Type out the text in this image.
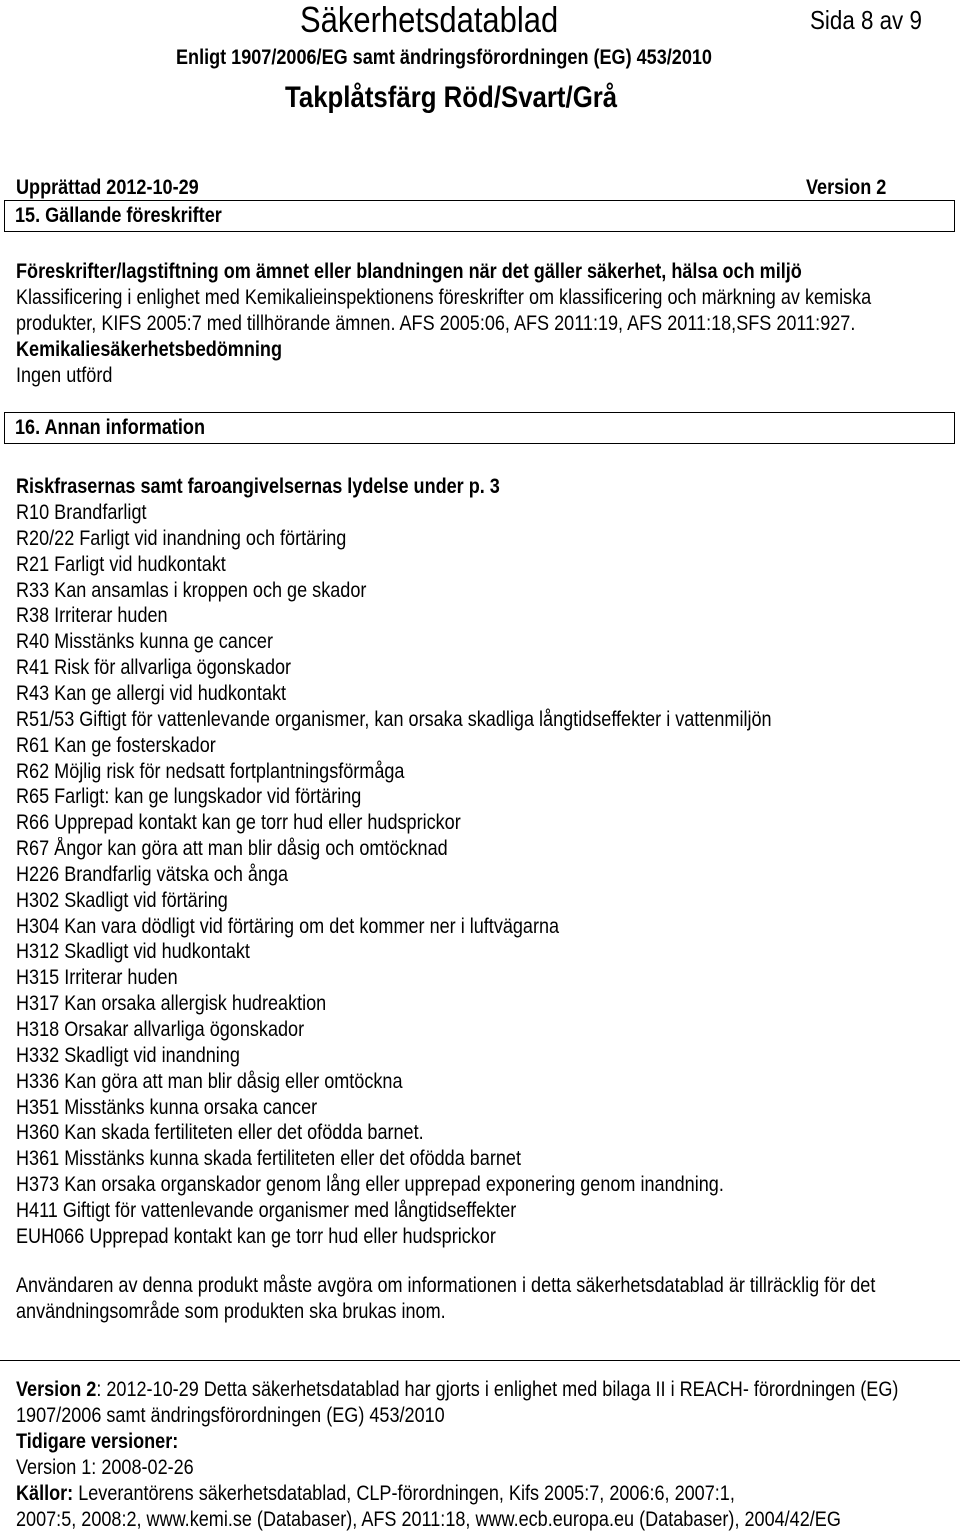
Säkerhetsdatablad	Sida 8 av 9
Enligt 1907/2006/EG samt ändringsförordningen (EG) 453/2010
Takplåtsfärg Röd/Svart/Grå
Upprättad 2012-10-29	Version 2
15. Gällande föreskrifter
Föreskrifter/lagstiftning om ämnet eller blandningen när det gäller säkerhet, hälsa och miljö
Klassificering i enlighet med Kemikalieinspektionens föreskrifter om klassificering och märkning av kemiska
produkter, KIFS 2005:7 med tillhörande ämnen. AFS 2005:06, AFS 2011:19, AFS 2011:18,SFS 2011:927.
Kemikaliesäkerhetsbedömning
Ingen utförd
16. Annan information
Riskfrasernas samt faroangivelsernas lydelse under p. 3
R10 Brandfarligt
R20/22 Farligt vid inandning och förtäring
R21 Farligt vid hudkontakt
R33 Kan ansamlas i kroppen och ge skador
R38 Irriterar huden
R40 Misstänks kunna ge cancer
R41 Risk för allvarliga ögonskador
R43 Kan ge allergi vid hudkontakt
R51/53 Giftigt för vattenlevande organismer, kan orsaka skadliga långtidseffekter i vattenmiljön
R61 Kan ge fosterskador
R62 Möjlig risk för nedsatt fortplantningsförmåga
R65 Farligt: kan ge lungskador vid förtäring
R66 Upprepad kontakt kan ge torr hud eller hudsprickor
R67 Ångor kan göra att man blir dåsig och omtöcknad
H226 Brandfarlig vätska och ånga
H302 Skadligt vid förtäring
H304 Kan vara dödligt vid förtäring om det kommer ner i luftvägarna
H312 Skadligt vid hudkontakt
H315 Irriterar huden
H317 Kan orsaka allergisk hudreaktion
H318 Orsakar allvarliga ögonskador
H332 Skadligt vid inandning
H336 Kan göra att man blir dåsig eller omtöckna
H351 Misstänks kunna orsaka cancer
H360 Kan skada fertiliteten eller det ofödda barnet.
H361 Misstänks kunna skada fertiliteten eller det ofödda barnet
H373 Kan orsaka organskador genom lång eller upprepad exponering genom inandning.
H411 Giftigt för vattenlevande organismer med långtidseffekter
EUH066 Upprepad kontakt kan ge torr hud eller hudsprickor
Användaren av denna produkt måste avgöra om informationen i detta säkerhetsdatablad är tillräcklig för det
användningsområde som produkten ska brukas inom.
Version 2: 2012-10-29 Detta säkerhetsdatablad har gjorts i enlighet med bilaga II i REACH- förordningen (EG)
1907/2006 samt ändringsförordningen (EG) 453/2010
Tidigare versioner:
Version 1: 2008-02-26
Källor: Leverantörens säkerhetsdatablad, CLP-förordningen, Kifs 2005:7, 2006:6, 2007:1,
2007:5, 2008:2, www.kemi.se (Databaser), AFS 2011:18, www.ecb.europa.eu (Databaser), 2004/42/EG
